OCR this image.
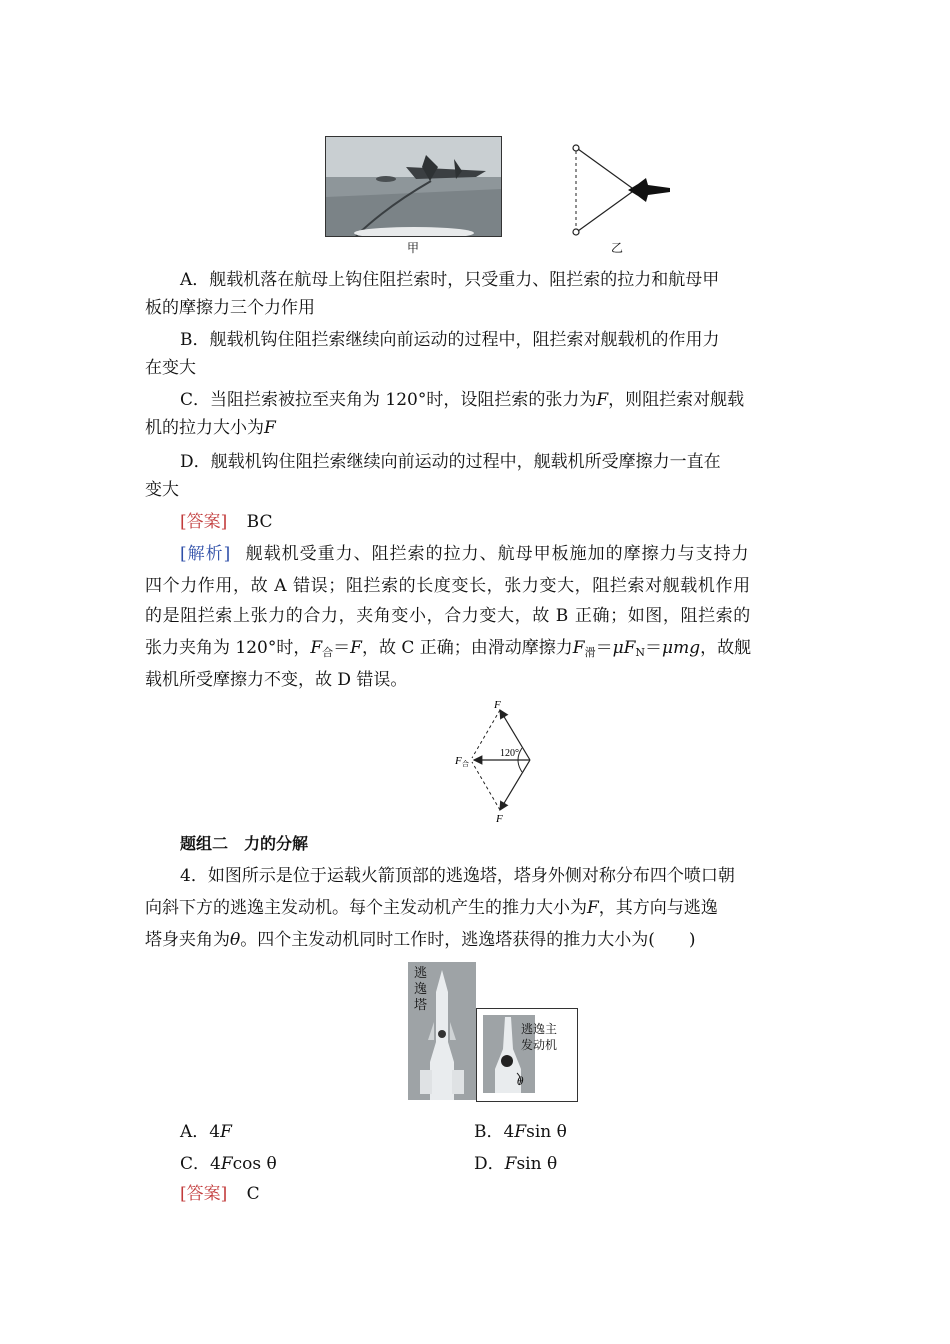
甲	乙
A．舰载机落在航母上钩住阻拦索时，只受重力、阻拦索的拉力和航母甲
板的摩擦力三个力作用
B．舰载机钩住阻拦索继续向前运动的过程中，阻拦索对舰载机的作用力
在变大
C．当阻拦索被拉至夹角为 120°时，设阻拦索的张力为F，则阻拦索对舰载
机的拉力大小为F
D．舰载机钩住阻拦索继续向前运动的过程中，舰载机所受摩擦力一直在
变大
[答案] BC
[解析] 舰载机受重力、阻拦索的拉力、航母甲板施加的摩擦力与支持力
四个力作用，故 A 错误；阻拦索的长度变长，张力变大，阻拦索对舰载机作用
的是阻拦索上张力的合力，夹角变小，合力变大，故 B 正确；如图，阻拦索的
张力夹角为 120°时，$F_合=F$，故 C 正确；由滑动摩擦力$F_滑=\mu F_N=\mu mg$，故舰
载机所受摩擦力不变，故 D 错误。
F
F
F 合
120°
题组二　力的分解
4．如图所示是位于运载火箭顶部的逃逸塔，塔身外侧对称分布四个喷口朝
向斜下方的逃逸主发动机。每个主发动机产生的推力大小为F，其方向与逃逸
塔身夹角为θ。四个主发动机同时工作时，逃逸塔获得的推力大小为(　　)
逃逸塔
逃逸主
发动机
θ
A．4F	B．4Fsin θ
C．4Fcos θ	D．Fsin θ
[答案] C
